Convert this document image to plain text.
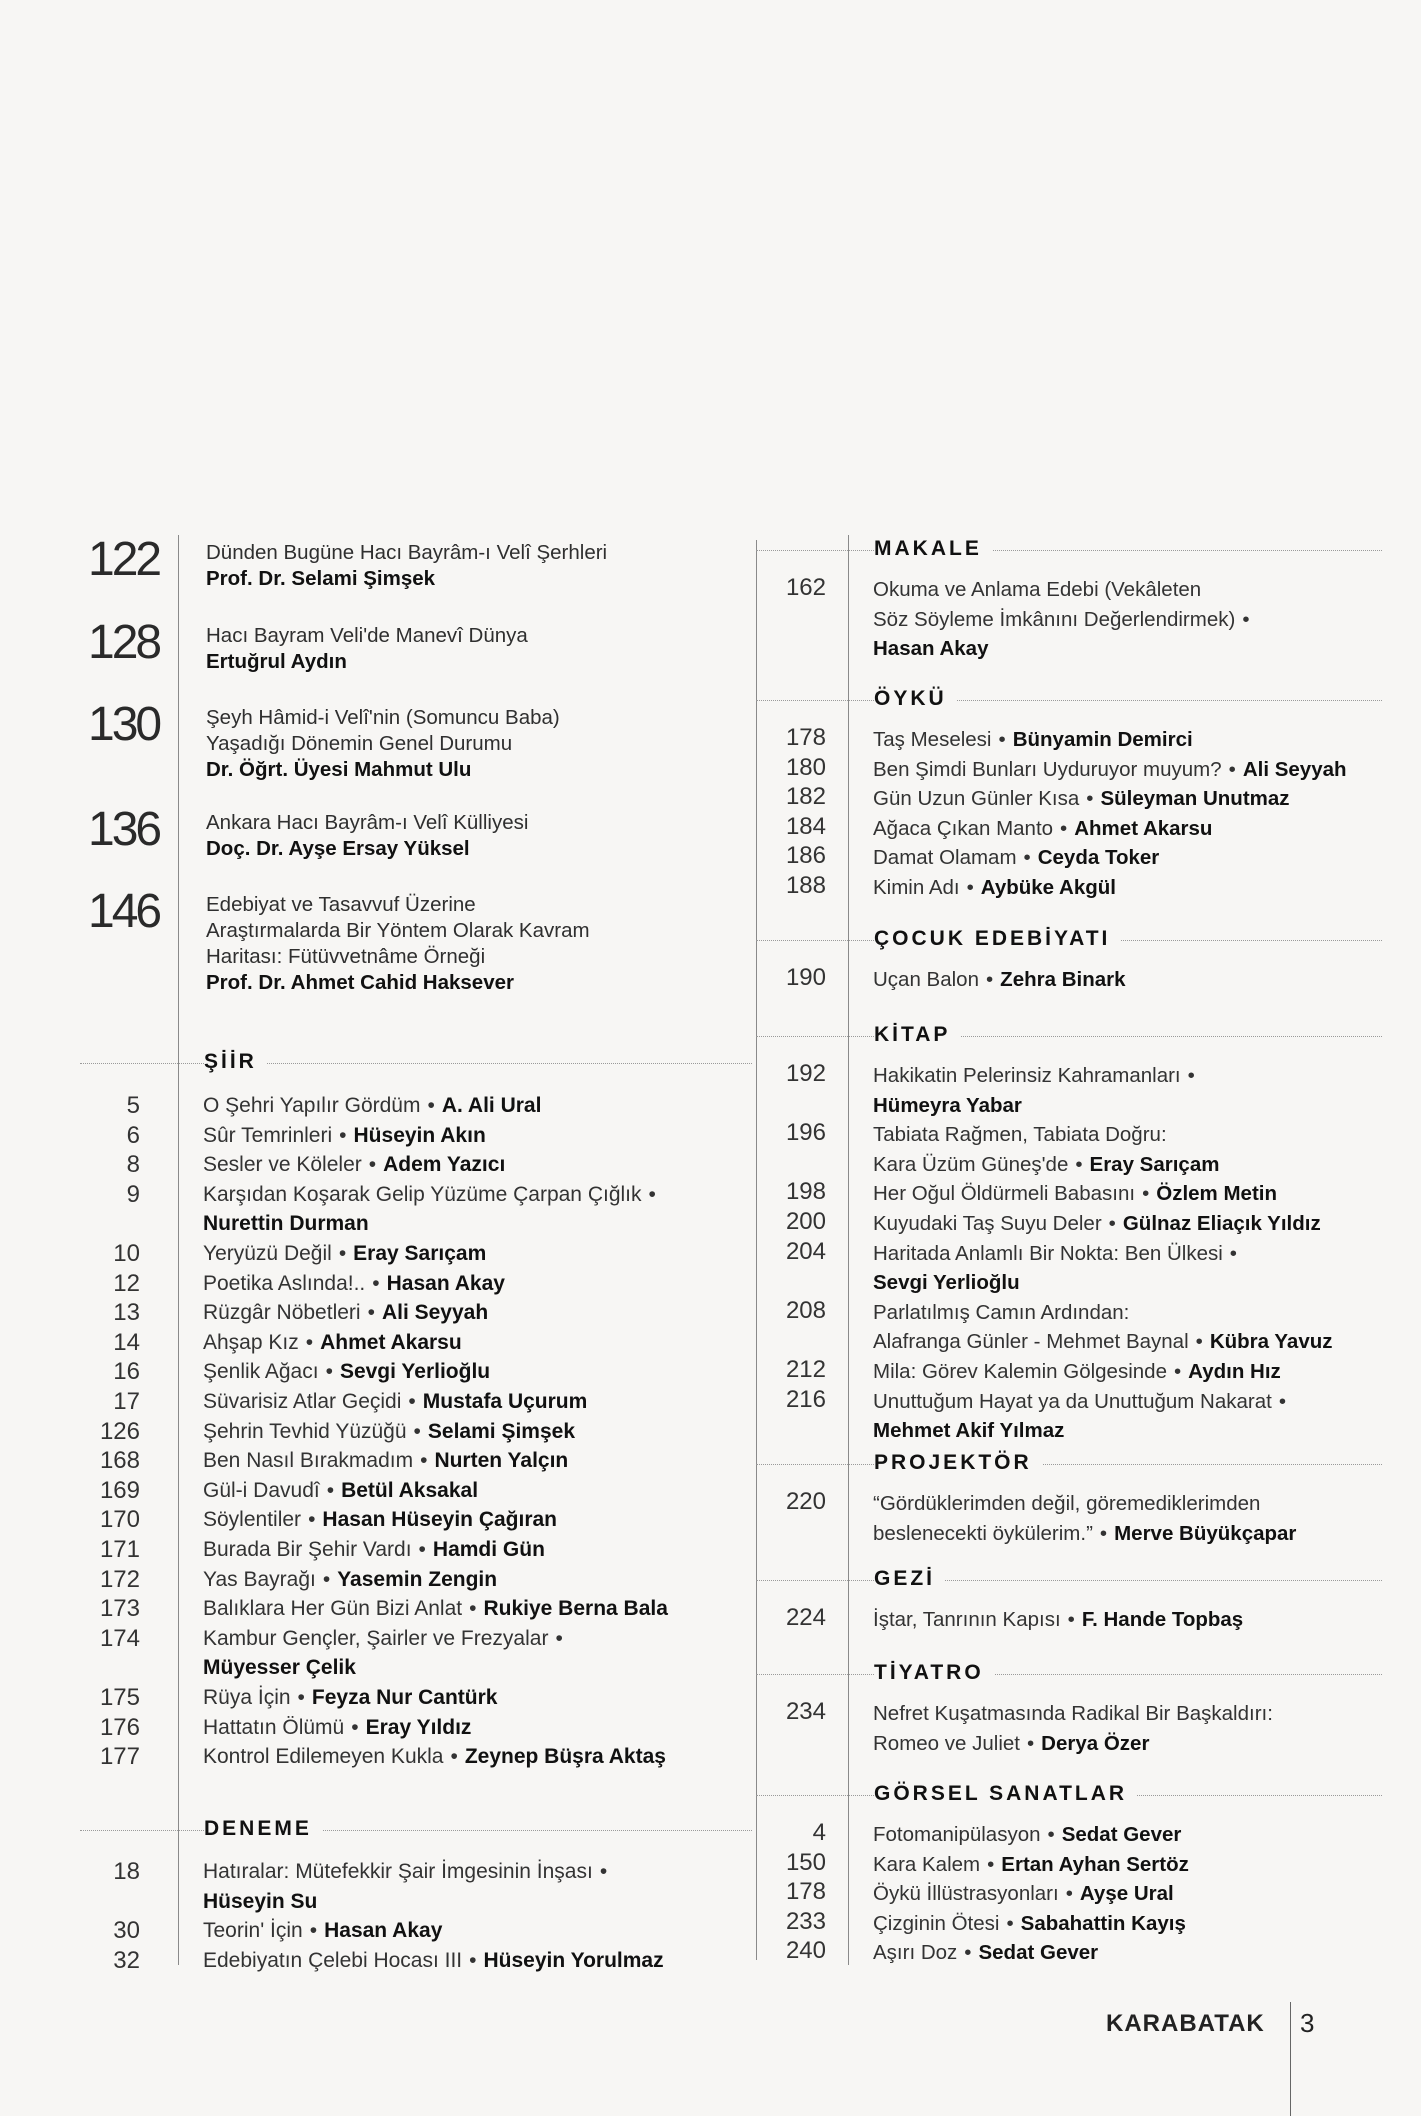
122 Dünden Bugüne Hacı Bayrâm-ı Velî Şerhleri
Prof. Dr. Selami Şimşek
128 Hacı Bayram Veli'de Manevî Dünya
Ertuğrul Aydın
130 Şeyh Hâmid-i Velî'nin (Somuncu Baba)
Yaşadığı Dönemin Genel Durumu
Dr. Öğrt. Üyesi Mahmut Ulu
136 Ankara Hacı Bayrâm-ı Velî Külliyesi
Doç. Dr. Ayşe Ersay Yüksel
146 Edebiyat ve Tasavvuf Üzerine
Araştırmalarda Bir Yöntem Olarak Kavram
Haritası: Fütüvvetnâme Örneği
Prof. Dr. Ahmet Cahid Haksever
ŞİİR
5	O Şehri Yapılır Gördüm • A. Ali Ural
6	Sûr Temrinleri • Hüseyin Akın
8	Sesler ve Köleler • Adem Yazıcı
9	Karşıdan Koşarak Gelip Yüzüme Çarpan Çığlık •
Nurettin Durman
10	Yeryüzü Değil • Eray Sarıçam
12	Poetika Aslında!.. • Hasan Akay
13	Rüzgâr Nöbetleri • Ali Seyyah
14	Ahşap Kız • Ahmet Akarsu
16	Şenlik Ağacı • Sevgi Yerlioğlu
17	Süvarisiz Atlar Geçidi • Mustafa Uçurum
126	Şehrin Tevhid Yüzüğü • Selami Şimşek
168	Ben Nasıl Bırakmadım • Nurten Yalçın
169	Gül-i Davudî • Betül Aksakal
170	Söylentiler • Hasan Hüseyin Çağıran
171	Burada Bir Şehir Vardı • Hamdi Gün
172	Yas Bayrağı • Yasemin Zengin
173	Balıklara Her Gün Bizi Anlat • Rukiye Berna Bala
174	Kambur Gençler, Şairler ve Frezyalar •
Müyesser Çelik
175	Rüya İçin • Feyza Nur Cantürk
176	Hattatın Ölümü • Eray Yıldız
177	Kontrol Edilemeyen Kukla • Zeynep Büşra Aktaş
DENEME
18	Hatıralar: Mütefekkir Şair İmgesinin İnşası •
Hüseyin Su
30	Teorin' İçin • Hasan Akay
32	Edebiyatın Çelebi Hocası III • Hüseyin Yorulmaz
MAKALE
162 Okuma ve Anlama Edebi (Vekâleten
Söz Söyleme İmkânını Değerlendirmek) •
Hasan Akay
ÖYKÜ
178 Taş Meselesi • Bünyamin Demirci
180 Ben Şimdi Bunları Uyduruyor muyum? • Ali Seyyah
182 Gün Uzun Günler Kısa • Süleyman Unutmaz
184 Ağaca Çıkan Manto • Ahmet Akarsu
186 Damat Olamam • Ceyda Toker
188 Kimin Adı • Aybüke Akgül
ÇOCUK EDEBİYATI
190 Uçan Balon • Zehra Binark
KİTAP
192 Hakikatin Pelerinsiz Kahramanları •
Hümeyra Yabar
196 Tabiata Rağmen, Tabiata Doğru:
Kara Üzüm Güneş'de • Eray Sarıçam
198 Her Oğul Öldürmeli Babasını • Özlem Metin
200 Kuyudaki Taş Suyu Deler • Gülnaz Eliaçık Yıldız
204 Haritada Anlamlı Bir Nokta: Ben Ülkesi •
Sevgi Yerlioğlu
208 Parlatılmış Camın Ardından:
Alafranga Günler - Mehmet Baynal • Kübra Yavuz
212 Mila: Görev Kalemin Gölgesinde • Aydın Hız
216 Unuttuğum Hayat ya da Unuttuğum Nakarat •
Mehmet Akif Yılmaz
PROJEKTÖR
220 “Gördüklerimden değil, göremediklerimden
beslenecekti öykülerim.” • Merve Büyükçapar
GEZİ
224 İştar, Tanrının Kapısı • F. Hande Topbaş
TİYATRO
234 Nefret Kuşatmasında Radikal Bir Başkaldırı:
Romeo ve Juliet • Derya Özer
GÖRSEL SANATLAR
4 Fotomanipülasyon • Sedat Gever
150 Kara Kalem • Ertan Ayhan Sertöz
178 Öykü İllüstrasyonları • Ayşe Ural
233 Çizginin Ötesi • Sabahattin Kayış
240 Aşırı Doz • Sedat Gever
KARABATAK 3
